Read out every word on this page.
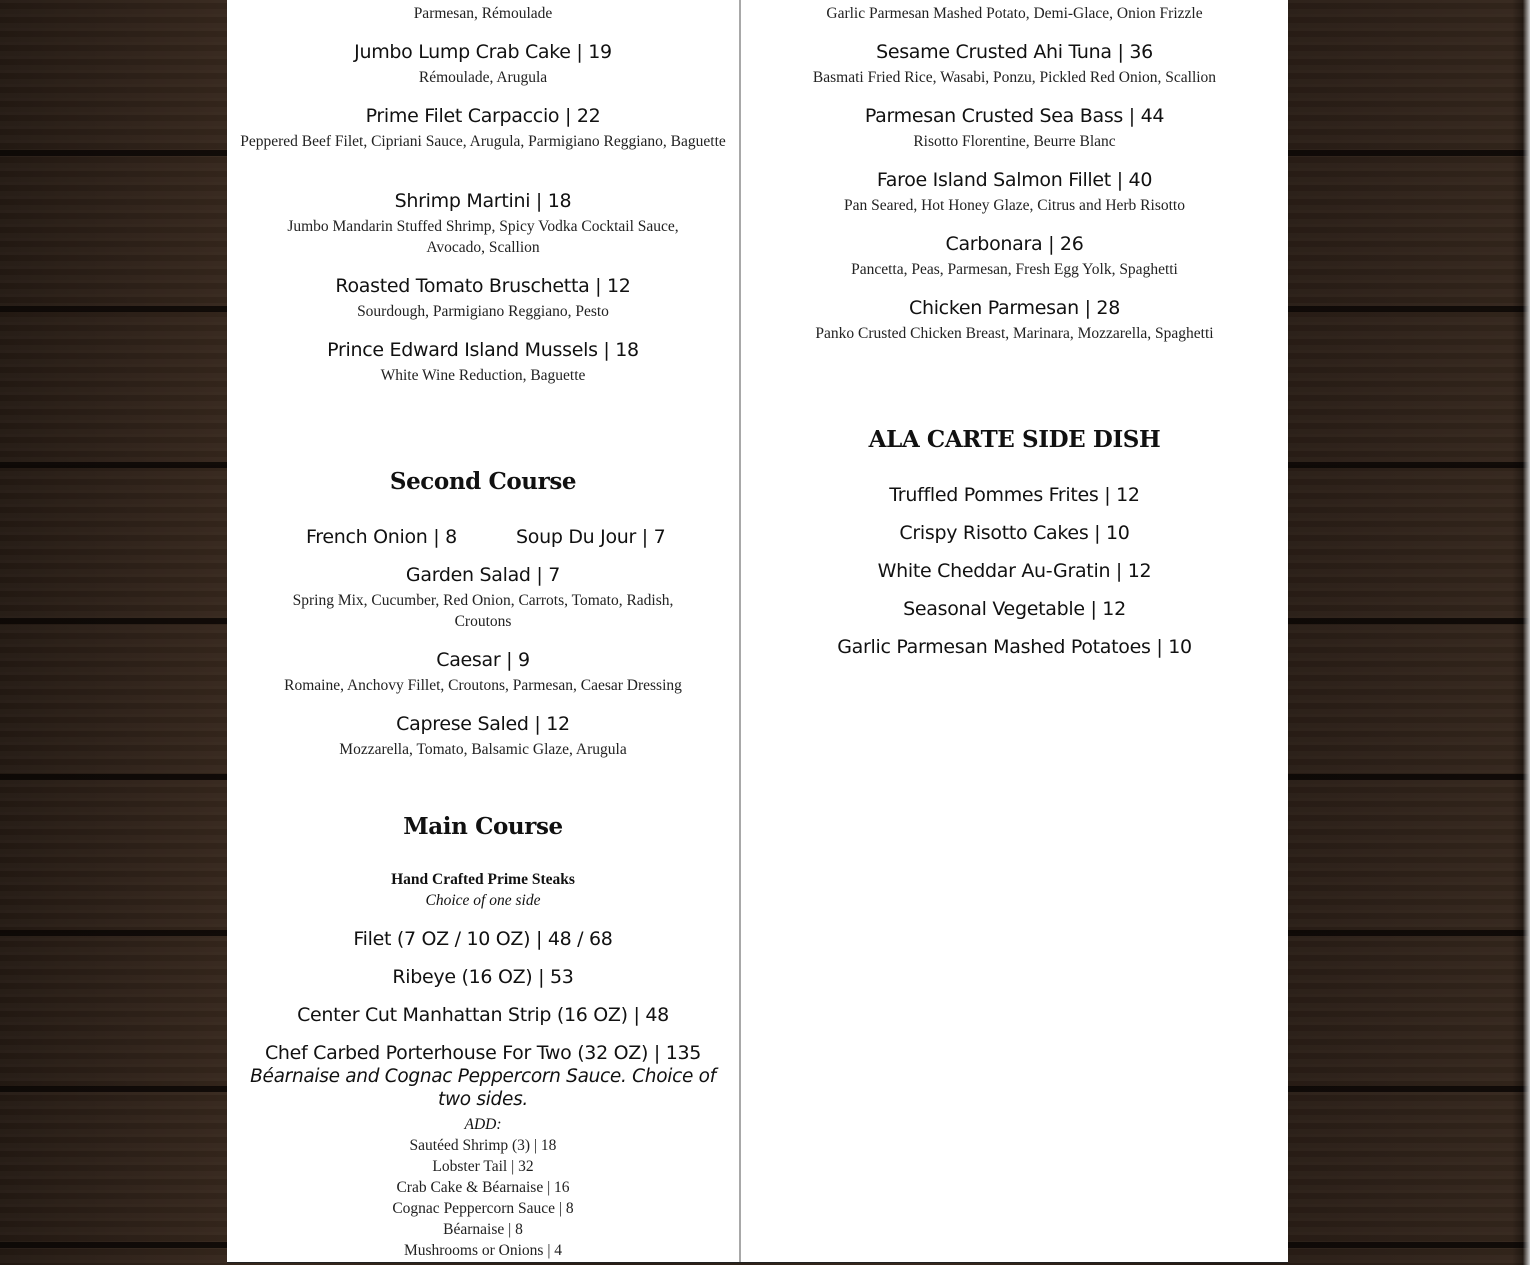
Parmesan, Rémoulade
Jumbo Lump Crab Cake | 19
Rémoulade, Arugula
Prime Filet Carpaccio | 22
Peppered Beef Filet, Cipriani Sauce, Arugula, Parmigiano Reggiano, Baguette
Shrimp Martini | 18
Jumbo Mandarin Stuffed Shrimp, Spicy Vodka Cocktail Sauce, Avocado, Scallion
Roasted Tomato Bruschetta | 12
Sourdough, Parmigiano Reggiano, Pesto
Prince Edward Island Mussels | 18
White Wine Reduction, Baguette
Second Course
French Onion | 8	Soup Du Jour | 7
Garden Salad | 7
Spring Mix, Cucumber, Red Onion, Carrots, Tomato, Radish, Croutons
Caesar | 9
Romaine, Anchovy Fillet, Croutons, Parmesan, Caesar Dressing
Caprese Saled | 12
Mozzarella, Tomato, Balsamic Glaze, Arugula
Main Course
Hand Crafted Prime Steaks
Choice of one side
Filet (7 OZ / 10 OZ) | 48 / 68
Ribeye (16 OZ) | 53
Center Cut Manhattan Strip (16 OZ) | 48
Chef Carbed Porterhouse For Two (32 OZ) | 135
Béarnaise and Cognac Peppercorn Sauce. Choice of two sides.
ADD:
Sautéed Shrimp (3) | 18
Lobster Tail | 32
Crab Cake & Béarnaise | 16
Cognac Peppercorn Sauce | 8
Béarnaise | 8
Mushrooms or Onions | 4
Garlic Parmesan Mashed Potato, Demi-Glace, Onion Frizzle
Sesame Crusted Ahi Tuna | 36
Basmati Fried Rice, Wasabi, Ponzu, Pickled Red Onion, Scallion
Parmesan Crusted Sea Bass | 44
Risotto Florentine, Beurre Blanc
Faroe Island Salmon Fillet | 40
Pan Seared, Hot Honey Glaze, Citrus and Herb Risotto
Carbonara | 26
Pancetta, Peas, Parmesan, Fresh Egg Yolk, Spaghetti
Chicken Parmesan | 28
Panko Crusted Chicken Breast, Marinara, Mozzarella, Spaghetti
ALA CARTE SIDE DISH
Truffled Pommes Frites | 12
Crispy Risotto Cakes | 10
White Cheddar Au-Gratin | 12
Seasonal Vegetable | 12
Garlic Parmesan Mashed Potatoes | 10
